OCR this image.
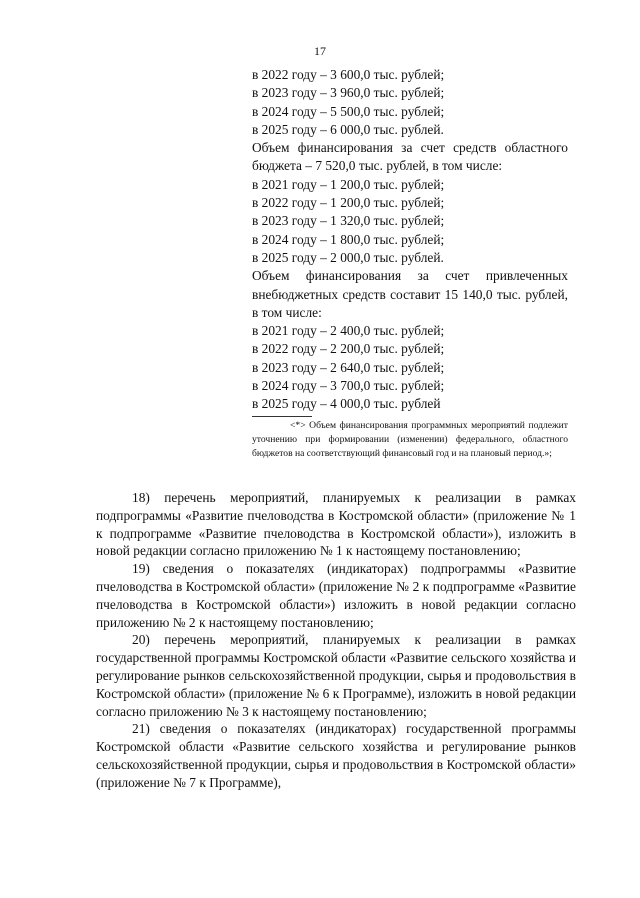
17

в 2022 году – 3 600,0 тыс. рублей;

в 2023 году – 3 960,0 тыс. рублей;

в 2024 году – 5 500,0 тыс. рублей;

в 2025 году – 6 000,0 тыс. рублей.

Объем финансирования за счет средств областного бюджета – 7 520,0 тыс. рублей, в том числе:

в 2021 году – 1 200,0 тыс. рублей;

в 2022 году – 1 200,0 тыс. рублей;

в 2023 году – 1 320,0 тыс. рублей;

в 2024 году – 1 800,0 тыс. рублей;

в 2025 году – 2 000,0 тыс. рублей.

Объем финансирования за счет привлеченных внебюджетных средств составит 15 140,0 тыс. рублей, в том числе:

в 2021 году – 2 400,0 тыс. рублей;

в 2022 году – 2 200,0 тыс. рублей;

в 2023 году – 2 640,0 тыс. рублей;

в 2024 году – 3 700,0 тыс. рублей;

в 2025 году – 4 000,0 тыс. рублей

<*> Объем финансирования программных мероприятий подлежит уточнению при формировании (изменении) федерального, областного бюджетов на соответствующий финансовый год и на плановый период.»;

18) перечень мероприятий, планируемых к реализации в рамках подпрограммы «Развитие пчеловодства в Костромской области» (приложение № 1 к подпрограмме «Развитие пчеловодства в Костромской области»), изложить в новой редакции согласно приложению № 1 к настоящему постановлению;

19) сведения о показателях (индикаторах) подпрограммы «Развитие пчеловодства в Костромской области» (приложение № 2 к подпрограмме «Развитие пчеловодства в Костромской области») изложить в новой редакции согласно приложению № 2 к настоящему постановлению;

20) перечень мероприятий, планируемых к реализации в рамках государственной программы Костромской области «Развитие сельского хозяйства и регулирование рынков сельскохозяйственной продукции, сырья и продовольствия в Костромской области» (приложение № 6 к Программе), изложить в новой редакции согласно приложению № 3 к настоящему постановлению;

21) сведения о показателях (индикаторах) государственной программы Костромской области «Развитие сельского хозяйства и регулирование рынков сельскохозяйственной продукции, сырья и продовольствия в Костромской области» (приложение № 7 к Программе),
